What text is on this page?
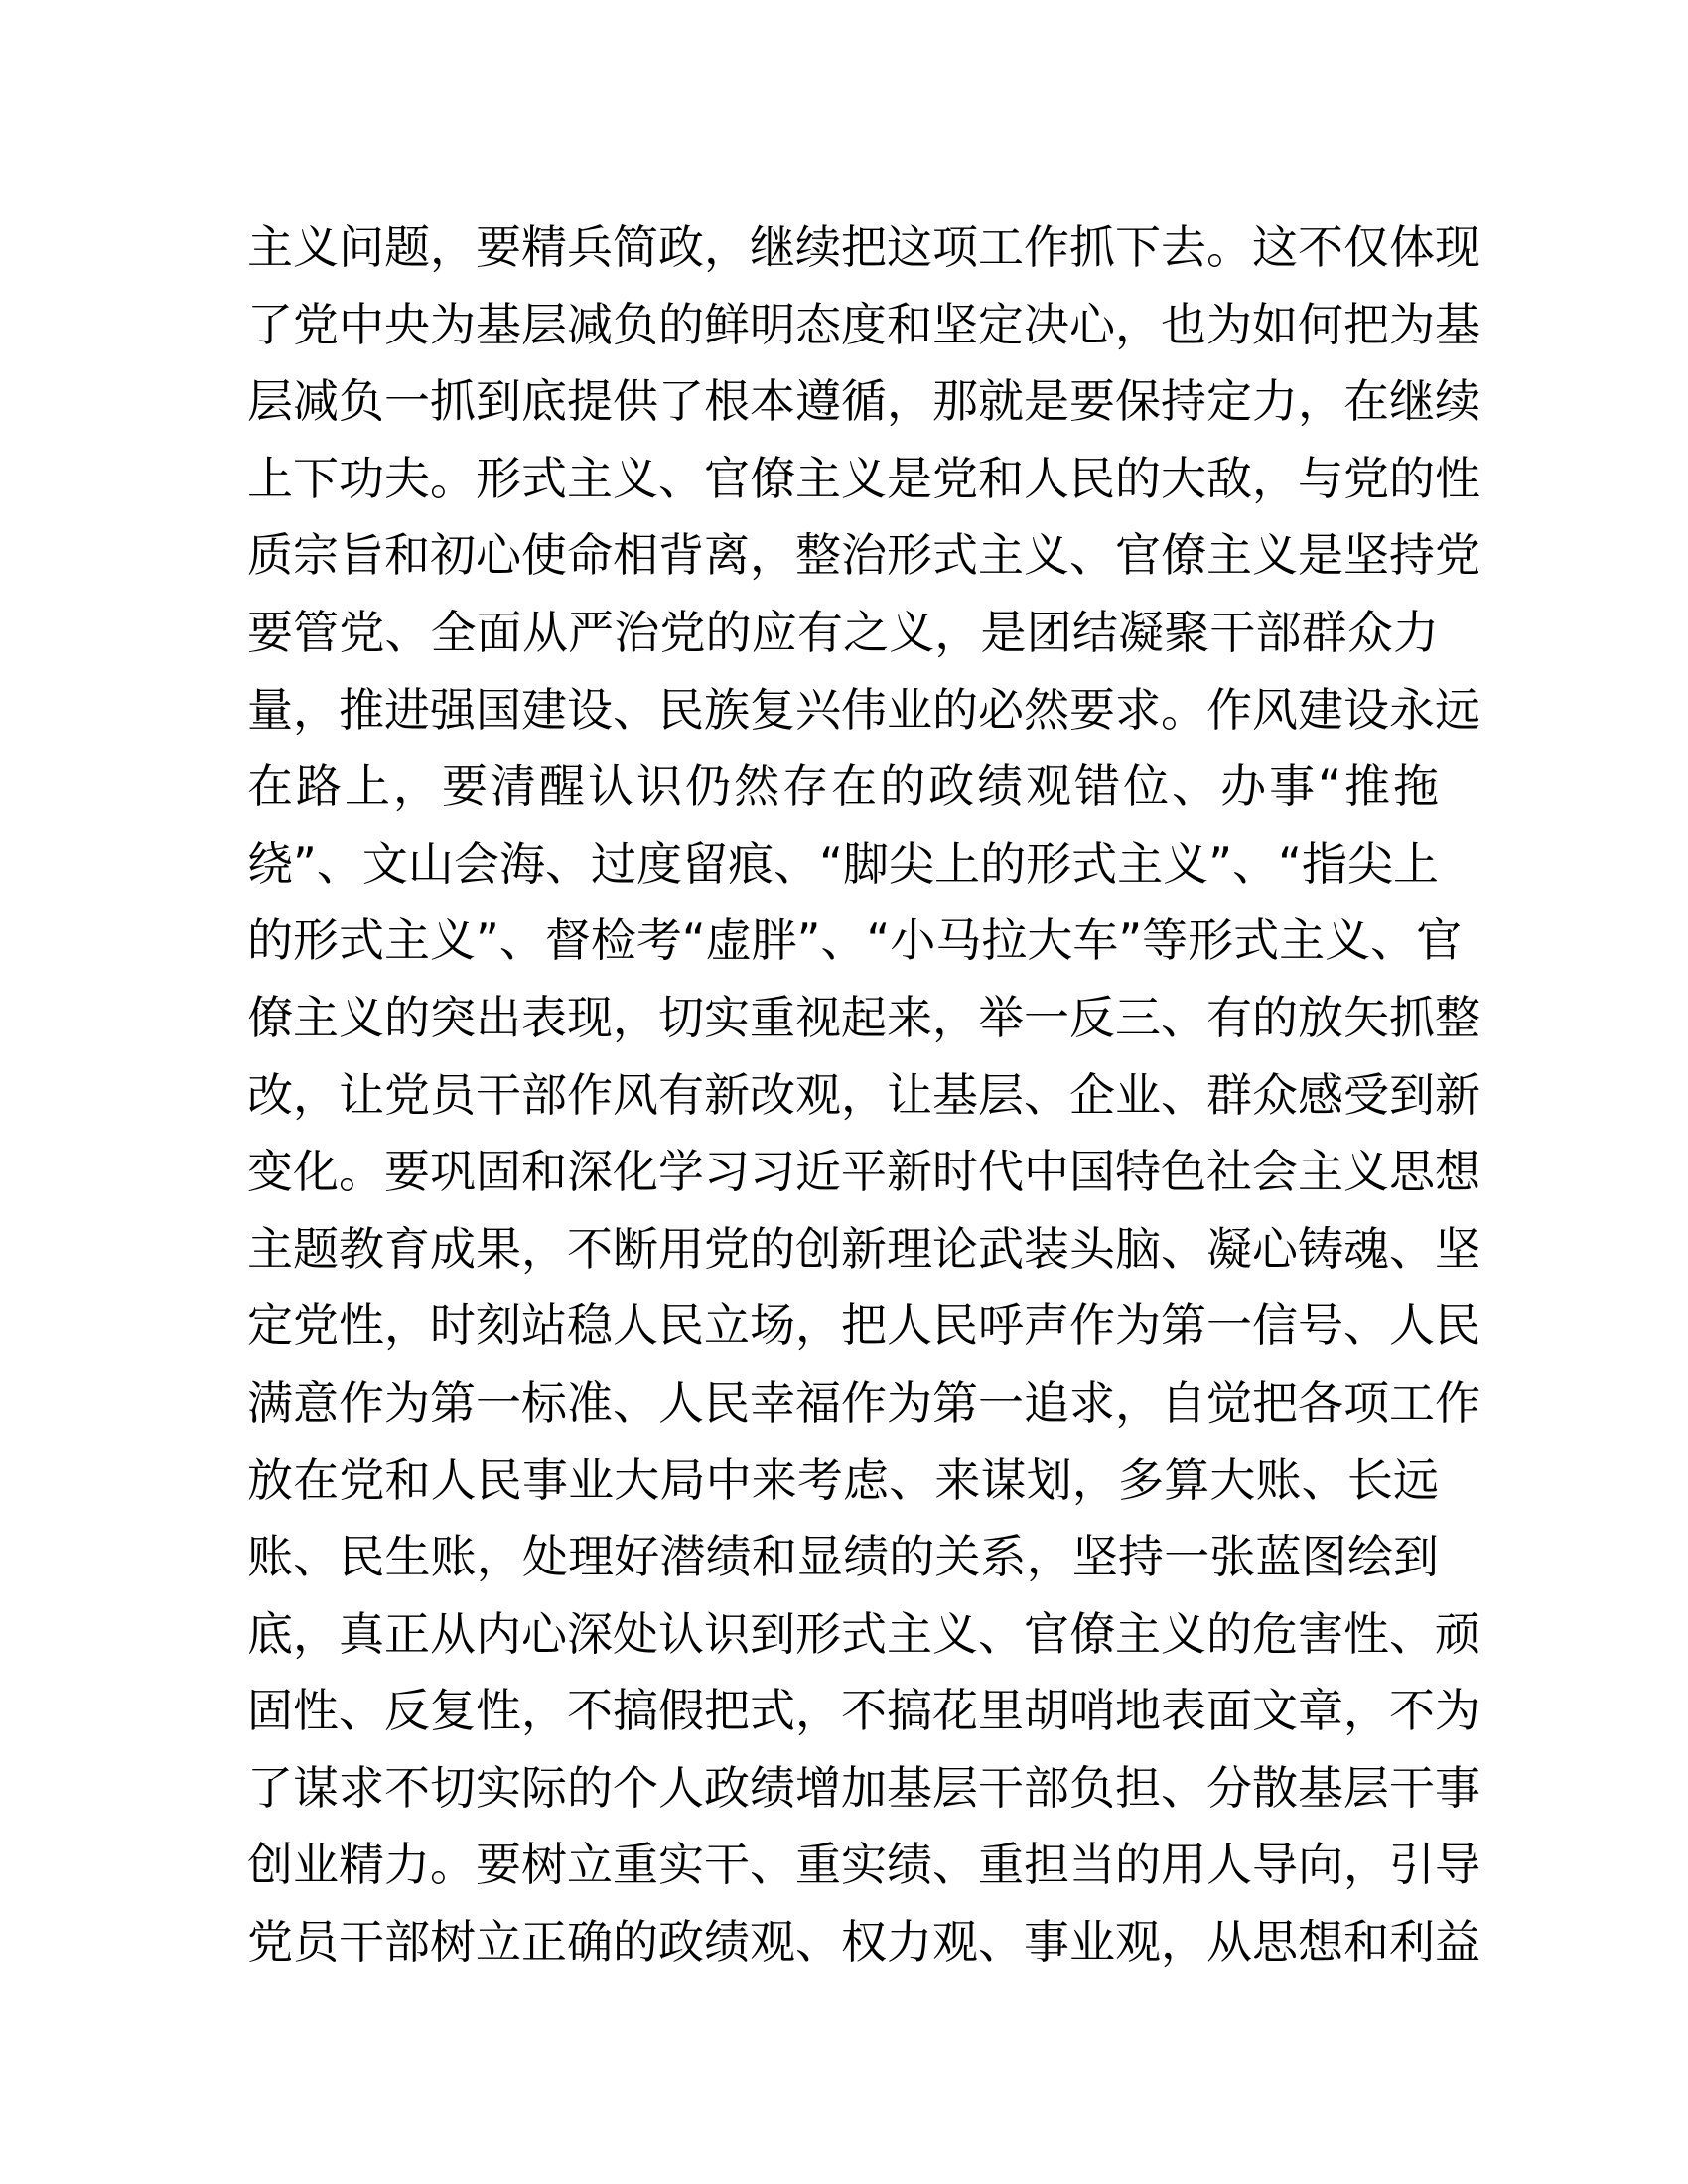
主义问题，要精兵简政，继续把这项工作抓下去。这不仅体现
了党中央为基层减负的鲜明态度和坚定决心，也为如何把为基
层减负一抓到底提供了根本遵循，那就是要保持定力，在继续
上下功夫。形式主义、官僚主义是党和人民的大敌，与党的性
质宗旨和初心使命相背离，整治形式主义、官僚主义是坚持党
要管党、全面从严治党的应有之义，是团结凝聚干部群众力
量，推进强国建设、民族复兴伟业的必然要求。作风建设永远
在路上，要清醒认识仍然存在的政绩观错位、办事“推拖
绕”、文山会海、过度留痕、“脚尖上的形式主义”、“指尖上
的形式主义”、督检考“虚胖”、“小马拉大车”等形式主义、官
僚主义的突出表现，切实重视起来，举一反三、有的放矢抓整
改，让党员干部作风有新改观，让基层、企业、群众感受到新
变化。要巩固和深化学习习近平新时代中国特色社会主义思想
主题教育成果，不断用党的创新理论武装头脑、凝心铸魂、坚
定党性，时刻站稳人民立场，把人民呼声作为第一信号、人民
满意作为第一标准、人民幸福作为第一追求，自觉把各项工作
放在党和人民事业大局中来考虑、来谋划，多算大账、长远
账、民生账，处理好潜绩和显绩的关系，坚持一张蓝图绘到
底，真正从内心深处认识到形式主义、官僚主义的危害性、顽
固性、反复性，不搞假把式，不搞花里胡哨地表面文章，不为
了谋求不切实际的个人政绩增加基层干部负担、分散基层干事
创业精力。要树立重实干、重实绩、重担当的用人导向，引导
党员干部树立正确的政绩观、权力观、事业观，从思想和利益
